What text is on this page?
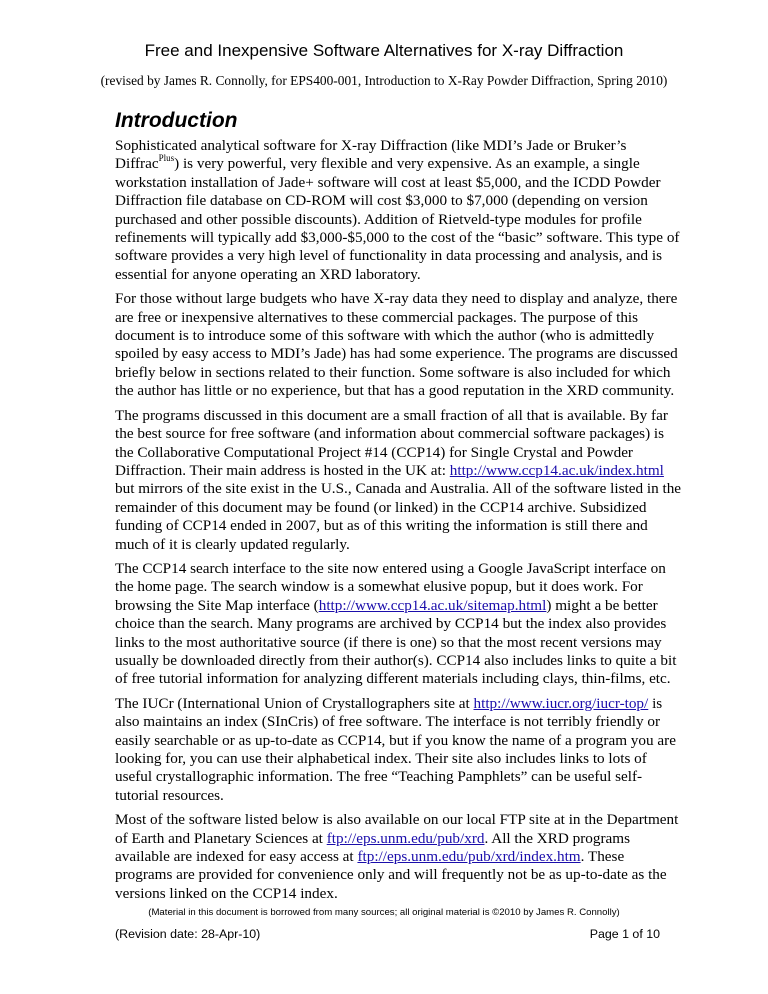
Free and Inexpensive Software Alternatives for X-ray Diffraction
(revised by James R. Connolly, for EPS400-001, Introduction to X-Ray Powder Diffraction, Spring 2010)
Introduction

Sophisticated analytical software for X-ray Diffraction (like MDI’s Jade or Bruker’s Diffrac$^{Plus}$) is very powerful, very flexible and very expensive. As an example, a single workstation installation of Jade+ software will cost at least $5,000, and the ICDD Powder Diffraction file database on CD-ROM will cost $3,000 to $7,000 (depending on version purchased and other possible discounts). Addition of Rietveld-type modules for profile refinements will typically add $3,000-$5,000 to the cost of the “basic” software. This type of software provides a very high level of functionality in data processing and analysis, and is essential for anyone operating an XRD laboratory.

For those without large budgets who have X-ray data they need to display and analyze, there are free or inexpensive alternatives to these commercial packages. The purpose of this document is to introduce some of this software with which the author (who is admittedly spoiled by easy access to MDI’s Jade) has had some experience. The programs are discussed briefly below in sections related to their function. Some software is also included for which the author has little or no experience, but that has a good reputation in the XRD community.

The programs discussed in this document are a small fraction of all that is available. By far the best source for free software (and information about commercial software packages) is the Collaborative Computational Project #14 (CCP14) for Single Crystal and Powder Diffraction. Their main address is hosted in the UK at: http://www.ccp14.ac.uk/index.html but mirrors of the site exist in the U.S., Canada and Australia. All of the software listed in the remainder of this document may be found (or linked) in the CCP14 archive. Subsidized funding of CCP14 ended in 2007, but as of this writing the information is still there and much of it is clearly updated regularly.

The CCP14 search interface to the site now entered using a Google JavaScript interface on the home page. The search window is a somewhat elusive popup, but it does work. For browsing the Site Map interface (http://www.ccp14.ac.uk/sitemap.html) might a be better choice than the search. Many programs are archived by CCP14 but the index also provides links to the most authoritative source (if there is one) so that the most recent versions may usually be downloaded directly from their author(s). CCP14 also includes links to quite a bit of free tutorial information for analyzing different materials including clays, thin-films, etc.

The IUCr (International Union of Crystallographers site at http://www.iucr.org/iucr-top/ is also maintains an index (SInCris) of free software. The interface is not terribly friendly or easily searchable or as up-to-date as CCP14, but if you know the name of a program you are looking for, you can use their alphabetical index. Their site also includes links to lots of useful crystallographic information. The free “Teaching Pamphlets” can be useful self-tutorial resources.

Most of the software listed below is also available on our local FTP site at in the Department of Earth and Planetary Sciences at ftp://eps.unm.edu/pub/xrd. All the XRD programs available are indexed for easy access at ftp://eps.unm.edu/pub/xrd/index.htm. These programs are provided for convenience only and will frequently not be as up-to-date as the versions linked on the CCP14 index.

(Material in this document is borrowed from many sources; all original material is ©2010 by James R. Connolly)
(Revision date: 28-Apr-10)	Page 1 of 10
